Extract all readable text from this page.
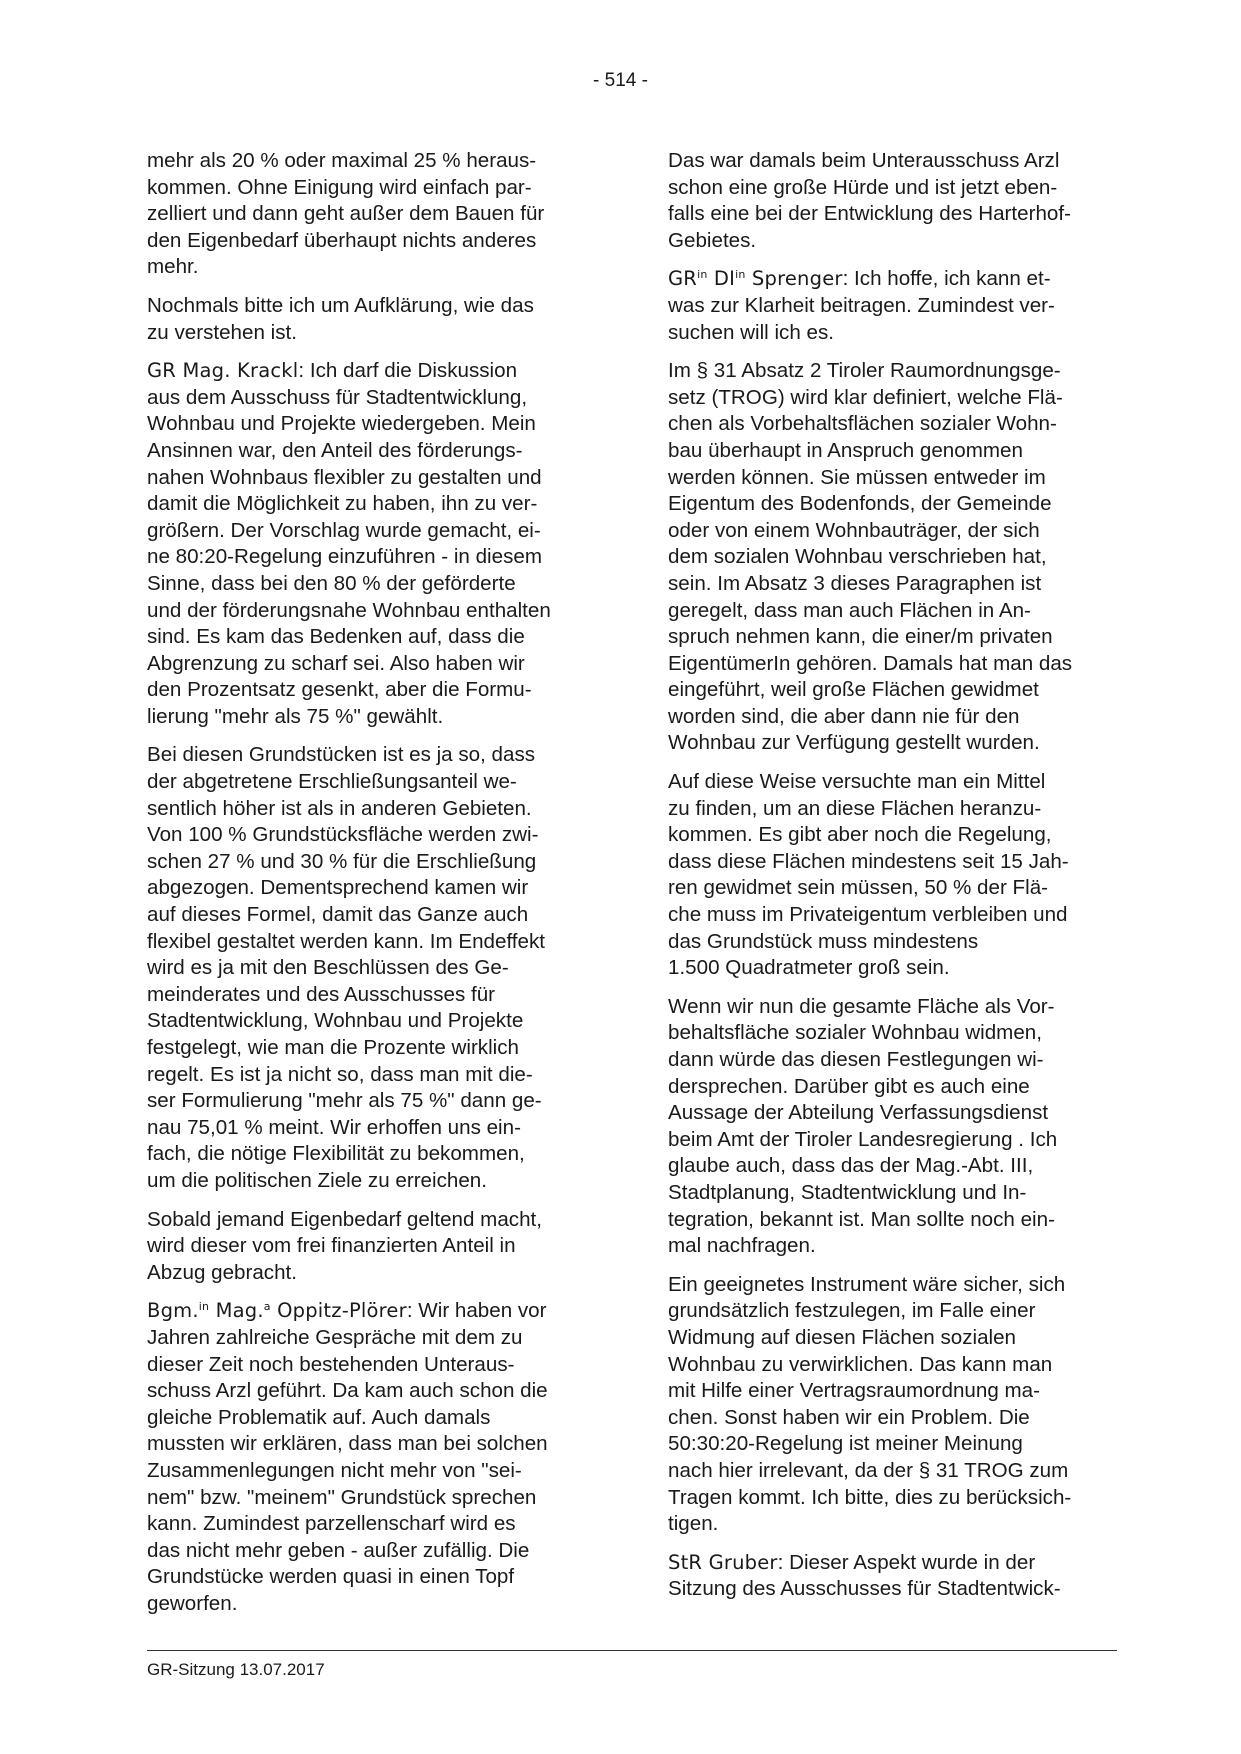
- 514 -

mehr als 20 % oder maximal 25 % heraus-
kommen. Ohne Einigung wird einfach par-
zelliert und dann geht außer dem Bauen für
den Eigenbedarf überhaupt nichts anderes
mehr.

Nochmals bitte ich um Aufklärung, wie das
zu verstehen ist.

GR Mag. Krackl: Ich darf die Diskussion
aus dem Ausschuss für Stadtentwicklung,
Wohnbau und Projekte wiedergeben. Mein
Ansinnen war, den Anteil des förderungs-
nahen Wohnbaus flexibler zu gestalten und
damit die Möglichkeit zu haben, ihn zu ver-
größern. Der Vorschlag wurde gemacht, ei-
ne 80:20-Regelung einzuführen - in diesem
Sinne, dass bei den 80 % der geförderte
und der förderungsnahe Wohnbau enthalten
sind. Es kam das Bedenken auf, dass die
Abgrenzung zu scharf sei. Also haben wir
den Prozentsatz gesenkt, aber die Formu-
lierung "mehr als 75 %" gewählt.

Bei diesen Grundstücken ist es ja so, dass
der abgetretene Erschließungsanteil we-
sentlich höher ist als in anderen Gebieten.
Von 100 % Grundstücksfläche werden zwi-
schen 27 % und 30 % für die Erschließung
abgezogen. Dementsprechend kamen wir
auf dieses Formel, damit das Ganze auch
flexibel gestaltet werden kann. Im Endeffekt
wird es ja mit den Beschlüssen des Ge-
meinderates und des Ausschusses für
Stadtentwicklung, Wohnbau und Projekte
festgelegt, wie man die Prozente wirklich
regelt. Es ist ja nicht so, dass man mit die-
ser Formulierung "mehr als 75 %" dann ge-
nau 75,01 % meint. Wir erhoffen uns ein-
fach, die nötige Flexibilität zu bekommen,
um die politischen Ziele zu erreichen.

Sobald jemand Eigenbedarf geltend macht,
wird dieser vom frei finanzierten Anteil in
Abzug gebracht.

Bgm.$^{in}$ Mag.$^a$ Oppitz-Plörer: Wir haben vor
Jahren zahlreiche Gespräche mit dem zu
dieser Zeit noch bestehenden Unteraus-
schuss Arzl geführt. Da kam auch schon die
gleiche Problematik auf. Auch damals
mussten wir erklären, dass man bei solchen
Zusammenlegungen nicht mehr von "sei-
nem" bzw. "meinem" Grundstück sprechen
kann. Zumindest parzellenscharf wird es
das nicht mehr geben - außer zufällig. Die
Grundstücke werden quasi in einen Topf
geworfen.

Das war damals beim Unterausschuss Arzl
schon eine große Hürde und ist jetzt eben-
falls eine bei der Entwicklung des Harterhof-
Gebietes.

$GR^{in}$ $DI^{in}$ Sprenger: Ich hoffe, ich kann et-
was zur Klarheit beitragen. Zumindest ver-
suchen will ich es.

Im § 31 Absatz 2 Tiroler Raumordnungsge-
setz (TROG) wird klar definiert, welche Flä-
chen als Vorbehaltsflächen sozialer Wohn-
bau überhaupt in Anspruch genommen
werden können. Sie müssen entweder im
Eigentum des Bodenfonds, der Gemeinde
oder von einem Wohnbauträger, der sich
dem sozialen Wohnbau verschrieben hat,
sein. Im Absatz 3 dieses Paragraphen ist
geregelt, dass man auch Flächen in An-
spruch nehmen kann, die einer/m privaten
EigentümerIn gehören. Damals hat man das
eingeführt, weil große Flächen gewidmet
worden sind, die aber dann nie für den
Wohnbau zur Verfügung gestellt wurden.

Auf diese Weise versuchte man ein Mittel
zu finden, um an diese Flächen heranzu-
kommen. Es gibt aber noch die Regelung,
dass diese Flächen mindestens seit 15 Jah-
ren gewidmet sein müssen, 50 % der Flä-
che muss im Privateigentum verbleiben und
das Grundstück muss mindestens
1.500 Quadratmeter groß sein.

Wenn wir nun die gesamte Fläche als Vor-
behaltsfläche sozialer Wohnbau widmen,
dann würde das diesen Festlegungen wi-
dersprechen. Darüber gibt es auch eine
Aussage der Abteilung Verfassungsdienst
beim Amt der Tiroler Landesregierung . Ich
glaube auch, dass das der Mag.-Abt. III,
Stadtplanung, Stadtentwicklung und In-
tegration, bekannt ist. Man sollte noch ein-
mal nachfragen.

Ein geeignetes Instrument wäre sicher, sich
grundsätzlich festzulegen, im Falle einer
Widmung auf diesen Flächen sozialen
Wohnbau zu verwirklichen. Das kann man
mit Hilfe einer Vertragsraumordnung ma-
chen. Sonst haben wir ein Problem. Die
50:30:20-Regelung ist meiner Meinung
nach hier irrelevant, da der § 31 TROG zum
Tragen kommt. Ich bitte, dies zu berücksich-
tigen.

StR Gruber: Dieser Aspekt wurde in der
Sitzung des Ausschusses für Stadtentwick-

GR-Sitzung 13.07.2017
